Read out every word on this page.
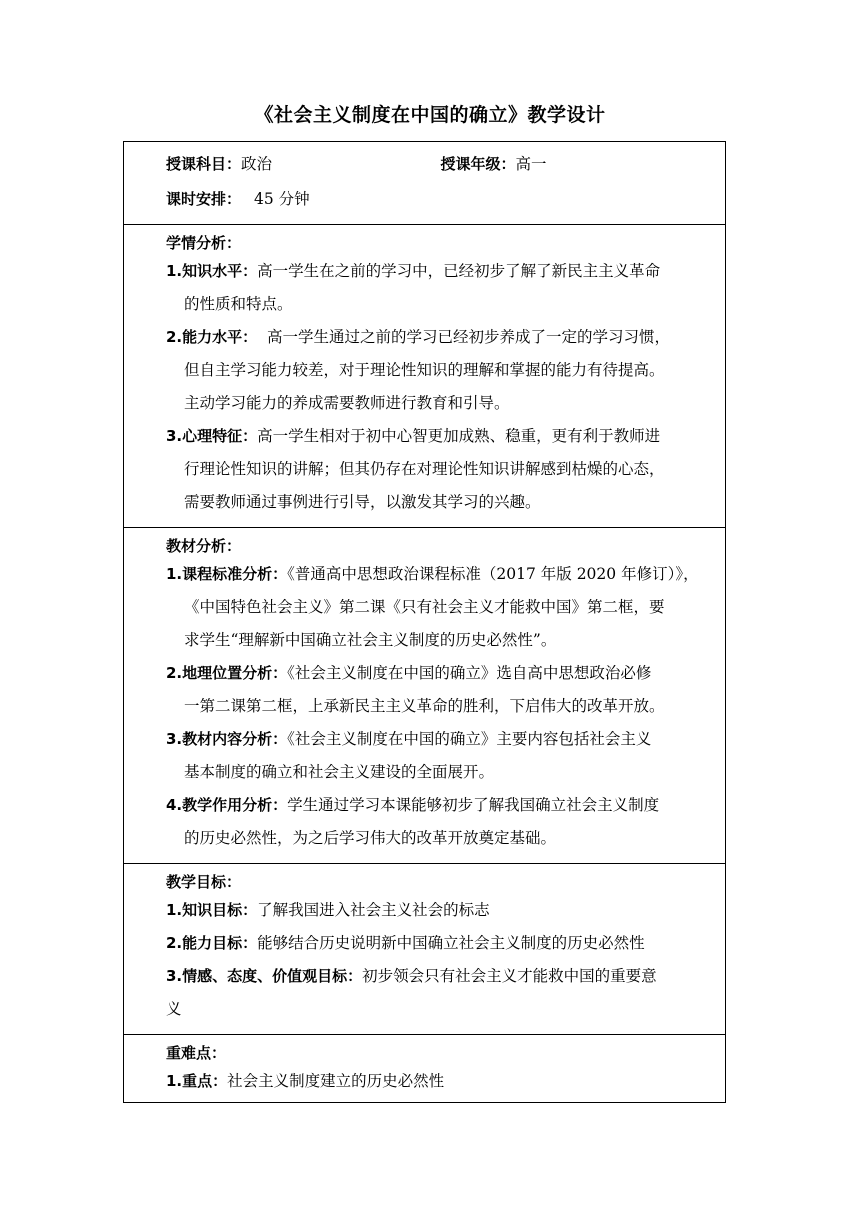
《社会主义制度在中国的确立》教学设计
授课科目：政治	授课年级：高一
课时安排： 45 分钟
学情分析：
1.知识水平：高一学生在之前的学习中，已经初步了解了新民主主义革命
的性质和特点。
2.能力水平：  高一学生通过之前的学习已经初步养成了一定的学习习惯，
但自主学习能力较差，对于理论性知识的理解和掌握的能力有待提高。
主动学习能力的养成需要教师进行教育和引导。
3.心理特征：高一学生相对于初中心智更加成熟、稳重，更有利于教师进
行理论性知识的讲解；但其仍存在对理论性知识讲解感到枯燥的心态，
需要教师通过事例进行引导，以激发其学习的兴趣。
教材分析：
1.课程标准分析：《普通高中思想政治课程标准（2017 年版 2020 年修订）》，
《中国特色社会主义》第二课《只有社会主义才能救中国》第二框，要
求学生“理解新中国确立社会主义制度的历史必然性”。
2.地理位置分析：《社会主义制度在中国的确立》选自高中思想政治必修
一第二课第二框，上承新民主主义革命的胜利，下启伟大的改革开放。
3.教材内容分析：《社会主义制度在中国的确立》主要内容包括社会主义
基本制度的确立和社会主义建设的全面展开。
4.教学作用分析：学生通过学习本课能够初步了解我国确立社会主义制度
的历史必然性，为之后学习伟大的改革开放奠定基础。
教学目标：
1.知识目标：了解我国进入社会主义社会的标志
2.能力目标：能够结合历史说明新中国确立社会主义制度的历史必然性
3.情感、态度、价值观目标：初步领会只有社会主义才能救中国的重要意
义
重难点：
1.重点：社会主义制度建立的历史必然性
